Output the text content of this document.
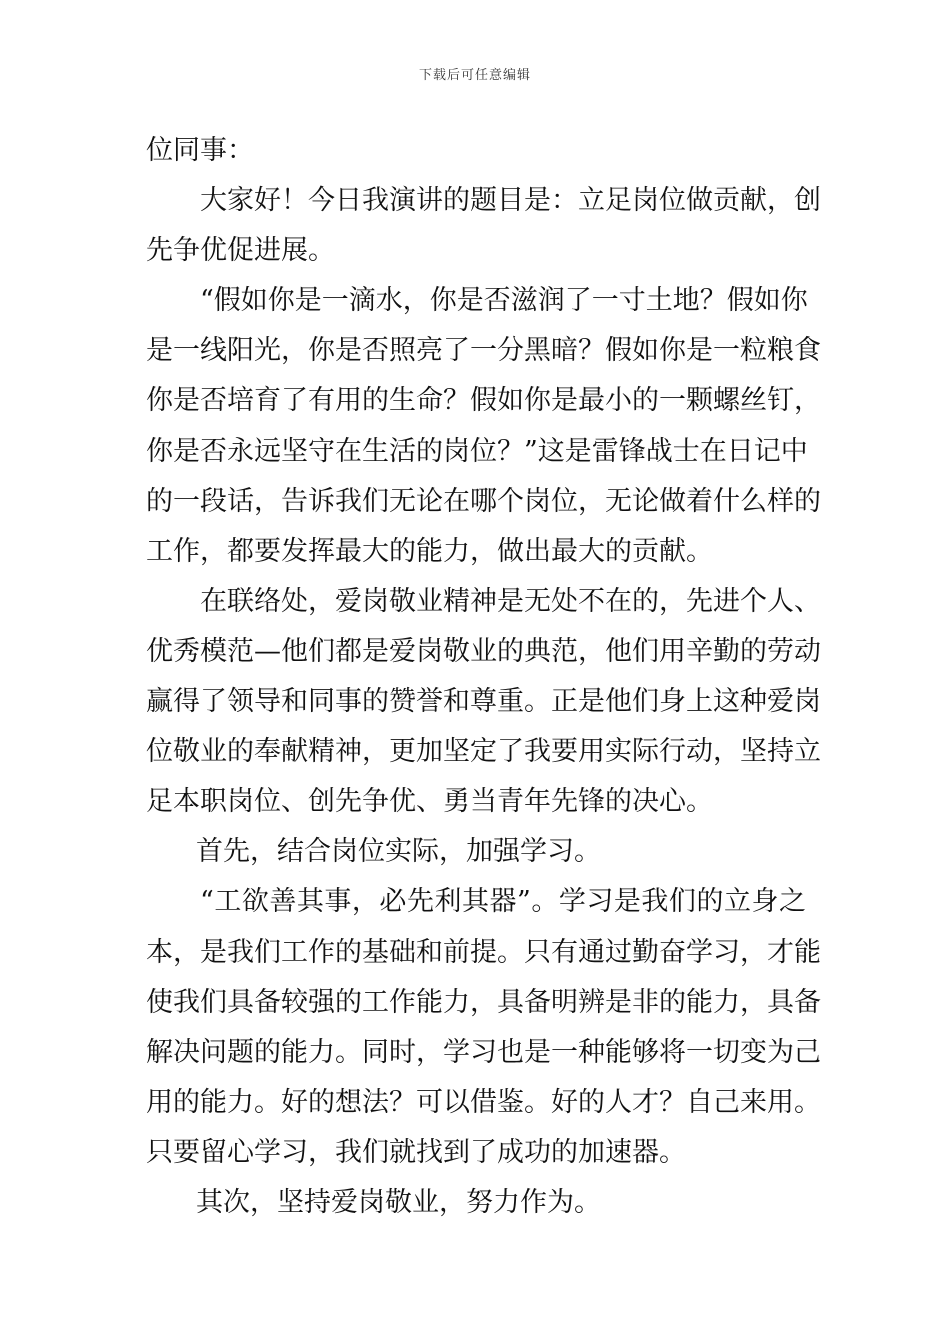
下载后可任意编辑
位同事：
大家好！今日我演讲的题目是：立足岗位做贡献，创
先争优促进展。
“假如你是一滴水，你是否滋润了一寸土地？假如你
是一线阳光，你是否照亮了一分黑暗？假如你是一粒粮食
你是否培育了有用的生命？假如你是最小的一颗螺丝钉，
你是否永远坚守在生活的岗位？”这是雷锋战士在日记中
的一段话，告诉我们无论在哪个岗位，无论做着什么样的
工作，都要发挥最大的能力，做出最大的贡献。
在联络处，爱岗敬业精神是无处不在的，先进个人、
优秀模范—他们都是爱岗敬业的典范，他们用辛勤的劳动
赢得了领导和同事的赞誉和尊重。正是他们身上这种爱岗
位敬业的奉献精神，更加坚定了我要用实际行动，坚持立
足本职岗位、创先争优、勇当青年先锋的决心。
首先，结合岗位实际，加强学习。
“工欲善其事，必先利其器”。学习是我们的立身之
本，是我们工作的基础和前提。只有通过勤奋学习，才能
使我们具备较强的工作能力，具备明辨是非的能力，具备
解决问题的能力。同时，学习也是一种能够将一切变为己
用的能力。好的想法？可以借鉴。好的人才？自己来用。
只要留心学习，我们就找到了成功的加速器。
其次，坚持爱岗敬业，努力作为。
